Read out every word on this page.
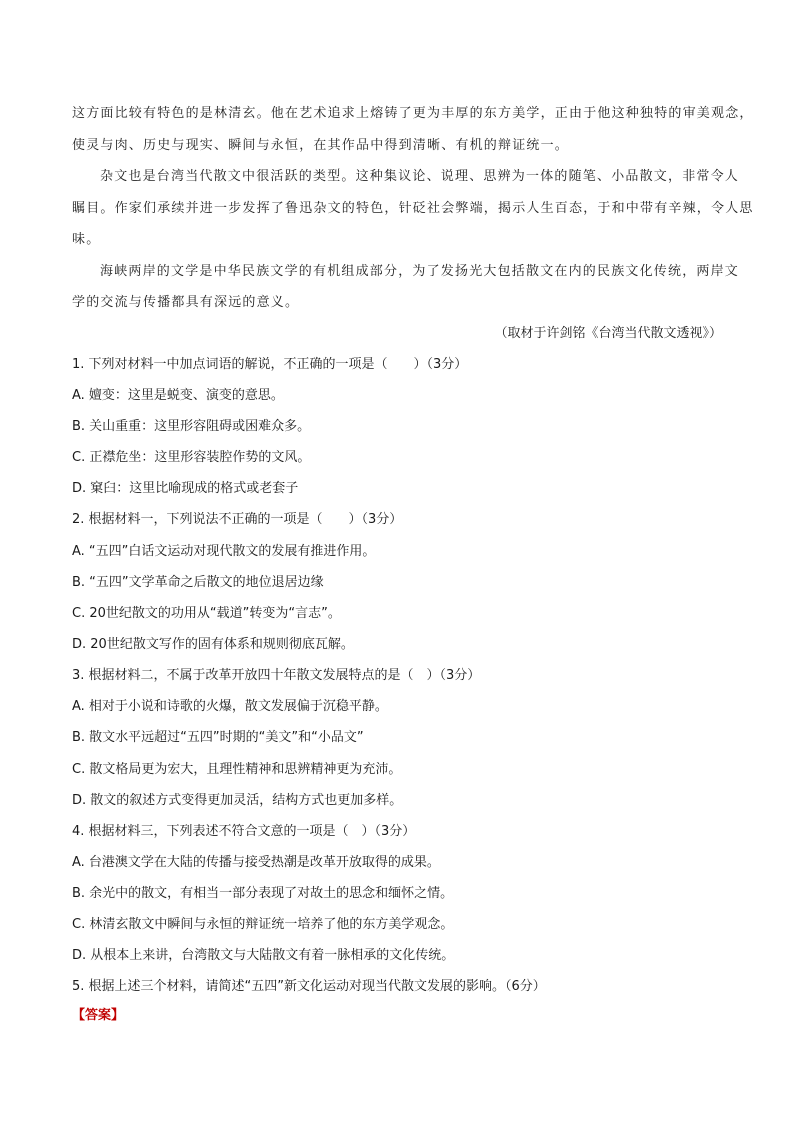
这方面比较有特色的是林清玄。他在艺术追求上熔铸了更为丰厚的东方美学，正由于他这种独特的审美观念，
使灵与肉、历史与现实、瞬间与永恒，在其作品中得到清晰、有机的辩证统一。
杂文也是台湾当代散文中很活跃的类型。这种集议论、说理、思辨为一体的随笔、小品散文，非常令人
瞩目。作家们承续并进一步发挥了鲁迅杂文的特色，针砭社会弊端，揭示人生百态，于和中带有辛辣，令人思
味。
海峡两岸的文学是中华民族文学的有机组成部分，为了发扬光大包括散文在内的民族文化传统，两岸文
学的交流与传播都具有深远的意义。
（取材于许剑铭《台湾当代散文透视》）
1. 下列对材料一中加点词语的解说，不正确的一项是（　　）（3分）
A. 嬗变：这里是蜕变、演变的意思。
B. 关山重重：这里形容阻碍或困难众多。
C. 正襟危坐：这里形容装腔作势的文风。
D. 窠臼：这里比喻现成的格式或老套子
2. 根据材料一，下列说法不正确的一项是（　　）（3分）
A. “五四”白话文运动对现代散文的发展有推进作用。
B. “五四”文学革命之后散文的地位退居边缘
C. 20世纪散文的功用从“载道”转变为“言志”。
D. 20世纪散文写作的固有体系和规则彻底瓦解。
3. 根据材料二，不属于改革开放四十年散文发展特点的是（　）（3分）
A. 相对于小说和诗歌的火爆，散文发展偏于沉稳平静。
B. 散文水平远超过“五四”时期的“美文”和“小品文”
C. 散文格局更为宏大，且理性精神和思辨精神更为充沛。
D. 散文的叙述方式变得更加灵活，结构方式也更加多样。
4. 根据材料三，下列表述不符合文意的一项是（　）（3分）
A. 台港澳文学在大陆的传播与接受热潮是改革开放取得的成果。
B. 余光中的散文，有相当一部分表现了对故土的思念和缅怀之情。
C. 林清玄散文中瞬间与永恒的辩证统一培养了他的东方美学观念。
D. 从根本上来讲，台湾散文与大陆散文有着一脉相承的文化传统。
5. 根据上述三个材料，请简述“五四”新文化运动对现当代散文发展的影响。（6分）
【答案】
